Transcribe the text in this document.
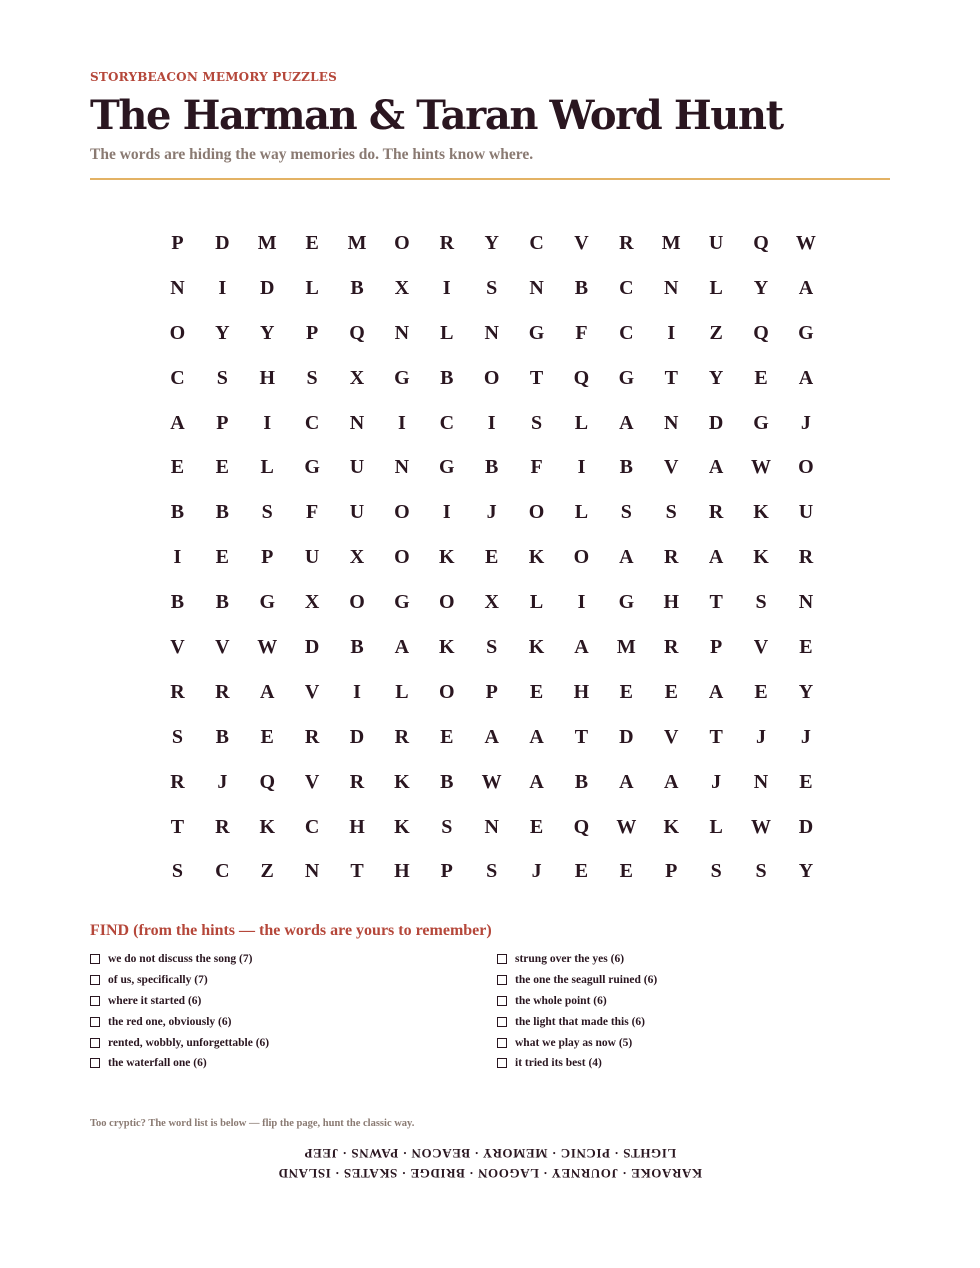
STORYBEACON MEMORY PUZZLES
The Harman & Taran Word Hunt
The words are hiding the way memories do. The hints know where.
P	D	M	E	M	O	R	Y	C	V	R	M	U	Q	W
N	I	D	L	B	X	I	S	N	B	C	N	L	Y	A
O	Y	Y	P	Q	N	L	N	G	F	C	I	Z	Q	G
C	S	H	S	X	G	B	O	T	Q	G	T	Y	E	A
A	P	I	C	N	I	C	I	S	L	A	N	D	G	J
E	E	L	G	U	N	G	B	F	I	B	V	A	W	O
B	B	S	F	U	O	I	J	O	L	S	S	R	K	U
I	E	P	U	X	O	K	E	K	O	A	R	A	K	R
B	B	G	X	O	G	O	X	L	I	G	H	T	S	N
V	V	W	D	B	A	K	S	K	A	M	R	P	V	E
R	R	A	V	I	L	O	P	E	H	E	E	A	E	Y
S	B	E	R	D	R	E	A	A	T	D	V	T	J	J
R	J	Q	V	R	K	B	W	A	B	A	A	J	N	E
T	R	K	C	H	K	S	N	E	Q	W	K	L	W	D
S	C	Z	N	T	H	P	S	J	E	E	P	S	S	Y
FIND (from the hints — the words are yours to remember)
we do not discuss the song (7)
of us, specifically (7)
where it started (6)
the red one, obviously (6)
rented, wobbly, unforgettable (6)
the waterfall one (6)
strung over the yes (6)
the one the seagull ruined (6)
the whole point (6)
the light that made this (6)
what we play as now (5)
it tried its best (4)
Too cryptic? The word list is below — flip the page, hunt the classic way.
KARAOKE · JOURNEY · LAGOON · BRIDGE · SKATES · ISLAND
LIGHTS · PICNIC · MEMORY · BEACON · PAWNS · JEEP
